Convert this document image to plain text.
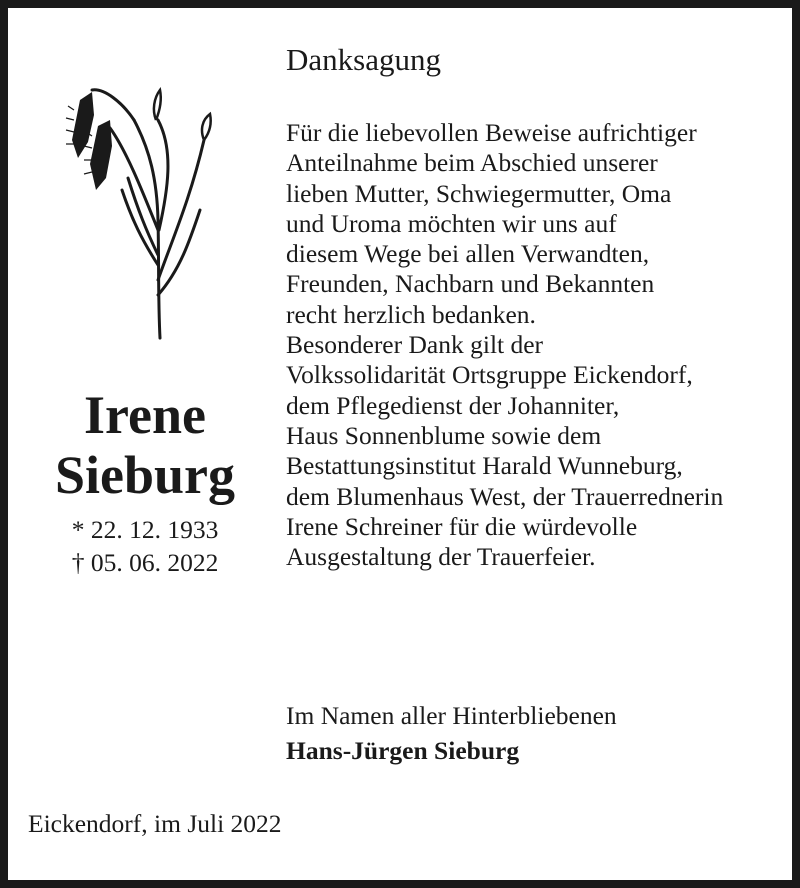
Danksagung
Irene
Sieburg
* 22. 12. 1933
† 05. 06. 2022
Für die liebevollen Beweise aufrichtiger
Anteilnahme beim Abschied unserer
lieben Mutter, Schwiegermutter, Oma
und Uroma möchten wir uns auf
diesem Wege bei allen Verwandten,
Freunden, Nachbarn und Bekannten
recht herzlich bedanken.
Besonderer Dank gilt der
Volkssolidarität Ortsgruppe Eickendorf,
dem Pflegedienst der Johanniter,
Haus Sonnenblume sowie dem
Bestattungsinstitut Harald Wunneburg,
dem Blumenhaus West, der Trauerrednerin
Irene Schreiner für die würdevolle
Ausgestaltung der Trauerfeier.
Im Namen aller Hinterbliebenen
Hans-Jürgen Sieburg
Eickendorf, im Juli 2022
